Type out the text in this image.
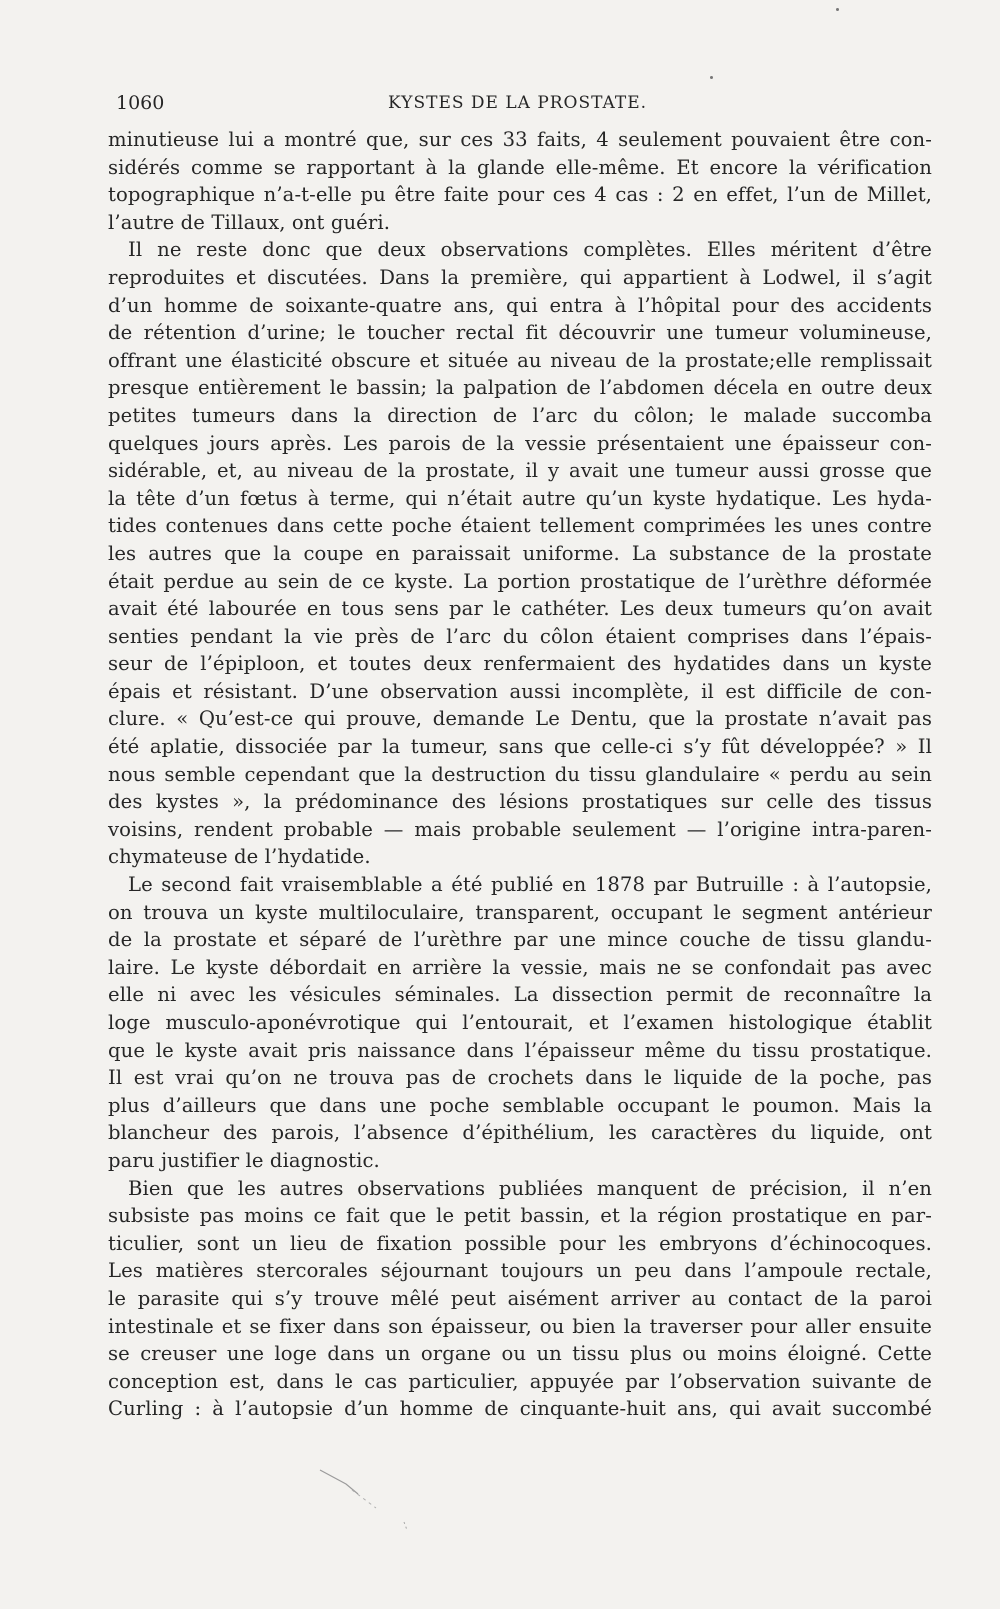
1060	KYSTES DE LA PROSTATE.
minutieuse lui a montré que, sur ces 33 faits, 4 seulement pouvaient être con-
sidérés comme se rapportant à la glande elle-même. Et encore la vérification
topographique n’a-t-elle pu être faite pour ces 4 cas : 2 en effet, l’un de Millet,
l’autre de Tillaux, ont guéri.
Il ne reste donc que deux observations complètes. Elles méritent d’être
reproduites et discutées. Dans la première, qui appartient à Lodwel, il s’agit
d’un homme de soixante-quatre ans, qui entra à l’hôpital pour des accidents
de rétention d’urine; le toucher rectal fit découvrir une tumeur volumineuse,
offrant une élasticité obscure et située au niveau de la prostate;elle remplissait
presque entièrement le bassin; la palpation de l’abdomen décela en outre deux
petites tumeurs dans la direction de l’arc du côlon; le malade succomba
quelques jours après. Les parois de la vessie présentaient une épaisseur con-
sidérable, et, au niveau de la prostate, il y avait une tumeur aussi grosse que
la tête d’un fœtus à terme, qui n’était autre qu’un kyste hydatique. Les hyda-
tides contenues dans cette poche étaient tellement comprimées les unes contre
les autres que la coupe en paraissait uniforme. La substance de la prostate
était perdue au sein de ce kyste. La portion prostatique de l’urèthre déformée
avait été labourée en tous sens par le cathéter. Les deux tumeurs qu’on avait
senties pendant la vie près de l’arc du côlon étaient comprises dans l’épais-
seur de l’épiploon, et toutes deux renfermaient des hydatides dans un kyste
épais et résistant. D’une observation aussi incomplète, il est difficile de con-
clure. « Qu’est-ce qui prouve, demande Le Dentu, que la prostate n’avait pas
été aplatie, dissociée par la tumeur, sans que celle-ci s’y fût développée? » Il
nous semble cependant que la destruction du tissu glandulaire « perdu au sein
des kystes », la prédominance des lésions prostatiques sur celle des tissus
voisins, rendent probable — mais probable seulement — l’origine intra-paren-
chymateuse de l’hydatide.
Le second fait vraisemblable a été publié en 1878 par Butruille : à l’autopsie,
on trouva un kyste multiloculaire, transparent, occupant le segment antérieur
de la prostate et séparé de l’urèthre par une mince couche de tissu glandu-
laire. Le kyste débordait en arrière la vessie, mais ne se confondait pas avec
elle ni avec les vésicules séminales. La dissection permit de reconnaître la
loge musculo-aponévrotique qui l’entourait, et l’examen histologique établit
que le kyste avait pris naissance dans l’épaisseur même du tissu prostatique.
Il est vrai qu’on ne trouva pas de crochets dans le liquide de la poche, pas
plus d’ailleurs que dans une poche semblable occupant le poumon. Mais la
blancheur des parois, l’absence d’épithélium, les caractères du liquide, ont
paru justifier le diagnostic.
Bien que les autres observations publiées manquent de précision, il n’en
subsiste pas moins ce fait que le petit bassin, et la région prostatique en par-
ticulier, sont un lieu de fixation possible pour les embryons d’échinocoques.
Les matières stercorales séjournant toujours un peu dans l’ampoule rectale,
le parasite qui s’y trouve mêlé peut aisément arriver au contact de la paroi
intestinale et se fixer dans son épaisseur, ou bien la traverser pour aller ensuite
se creuser une loge dans un organe ou un tissu plus ou moins éloigné. Cette
conception est, dans le cas particulier, appuyée par l’observation suivante de
Curling : à l’autopsie d’un homme de cinquante-huit ans, qui avait succombé
